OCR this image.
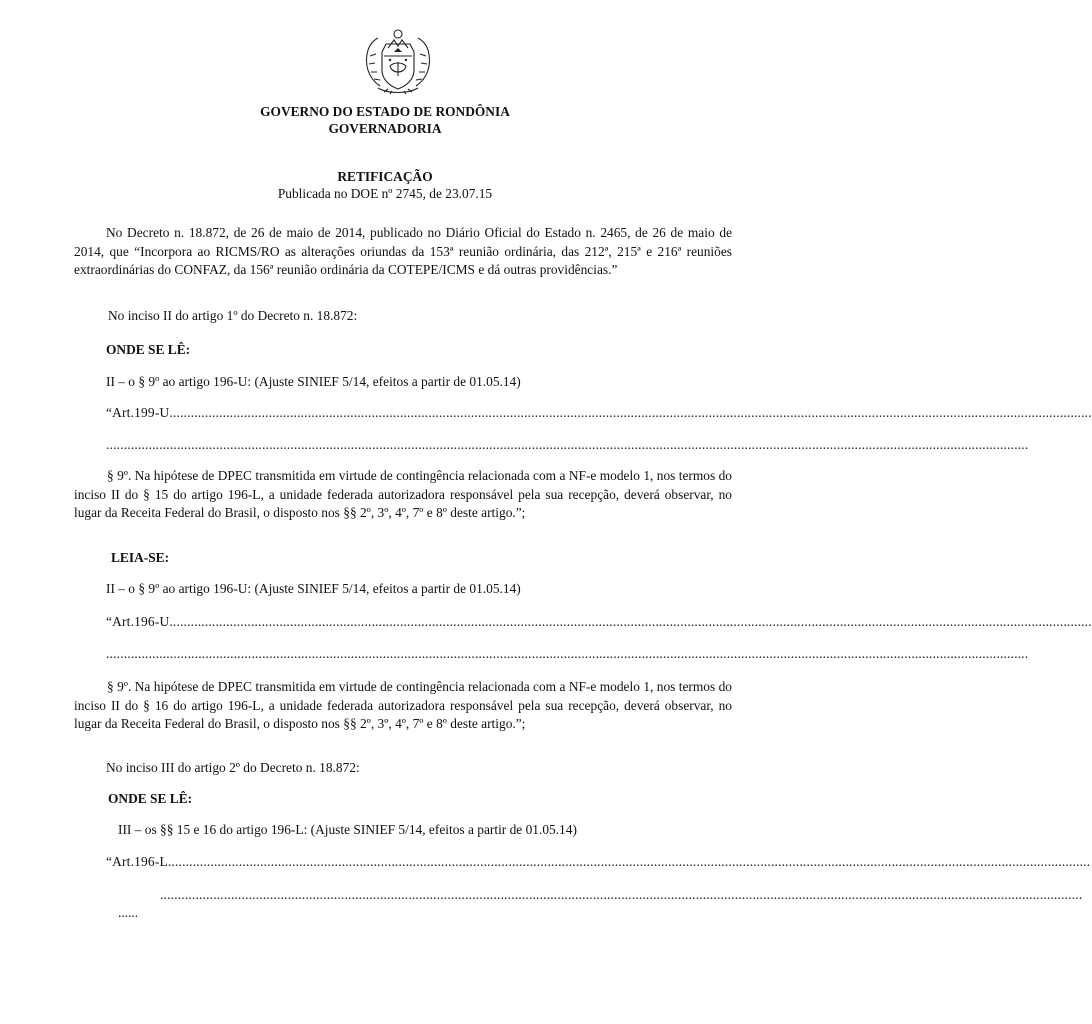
GOVERNO DO ESTADO DE RONDÔNIA
GOVERNADORIA
RETIFICAÇÃO
Publicada no DOE nº 2745, de 23.07.15
No Decreto n. 18.872, de 26 de maio de 2014, publicado no Diário Oficial do Estado n. 2465, de 26 de maio de 2014, que “Incorpora ao RICMS/RO as alterações oriundas da 153ª reunião ordinária, das 212ª, 215ª e 216ª reuniões extraordinárias do CONFAZ, da 156ª reunião ordinária da COTEPE/ICMS e dá outras providências.”
No inciso II do artigo 1º do Decreto n. 18.872:
ONDE SE LÊ:
II – o § 9º ao artigo 196-U: (Ajuste SINIEF 5/14, efeitos a partir de 01.05.14)
“Art.199-U....................................................................................................................................................................................................................................................................
....................................................................................................................................................................................................................................................................
§ 9º. Na hipótese de DPEC transmitida em virtude de contingência relacionada com a NF-e modelo 1, nos termos do inciso II do § 15 do artigo 196-L, a unidade federada autorizadora responsável pela sua recepção, deverá observar, no lugar da Receita Federal do Brasil, o disposto nos §§ 2º, 3º, 4º, 7º e 8º deste artigo.”;
LEIA-SE:
II – o § 9º ao artigo 196-U: (Ajuste SINIEF 5/14, efeitos a partir de 01.05.14)
“Art.196-U....................................................................................................................................................................................................................................................................
....................................................................................................................................................................................................................................................................
§ 9º. Na hipótese de DPEC transmitida em virtude de contingência relacionada com a NF-e modelo 1, nos termos do inciso II do § 16 do artigo 196-L, a unidade federada autorizadora responsável pela sua recepção, deverá observar, no lugar da Receita Federal do Brasil, o disposto nos §§ 2º, 3º, 4º, 7º e 8º deste artigo.”;
No inciso III do artigo 2º do Decreto n. 18.872:
ONDE SE LÊ:
III – os §§ 15 e 16 do artigo 196-L: (Ajuste SINIEF 5/14, efeitos a partir de 01.05.14)
“Art.196-L....................................................................................................................................................................................................................................................................
....................................................................................................................................................................................................................................................................
......
